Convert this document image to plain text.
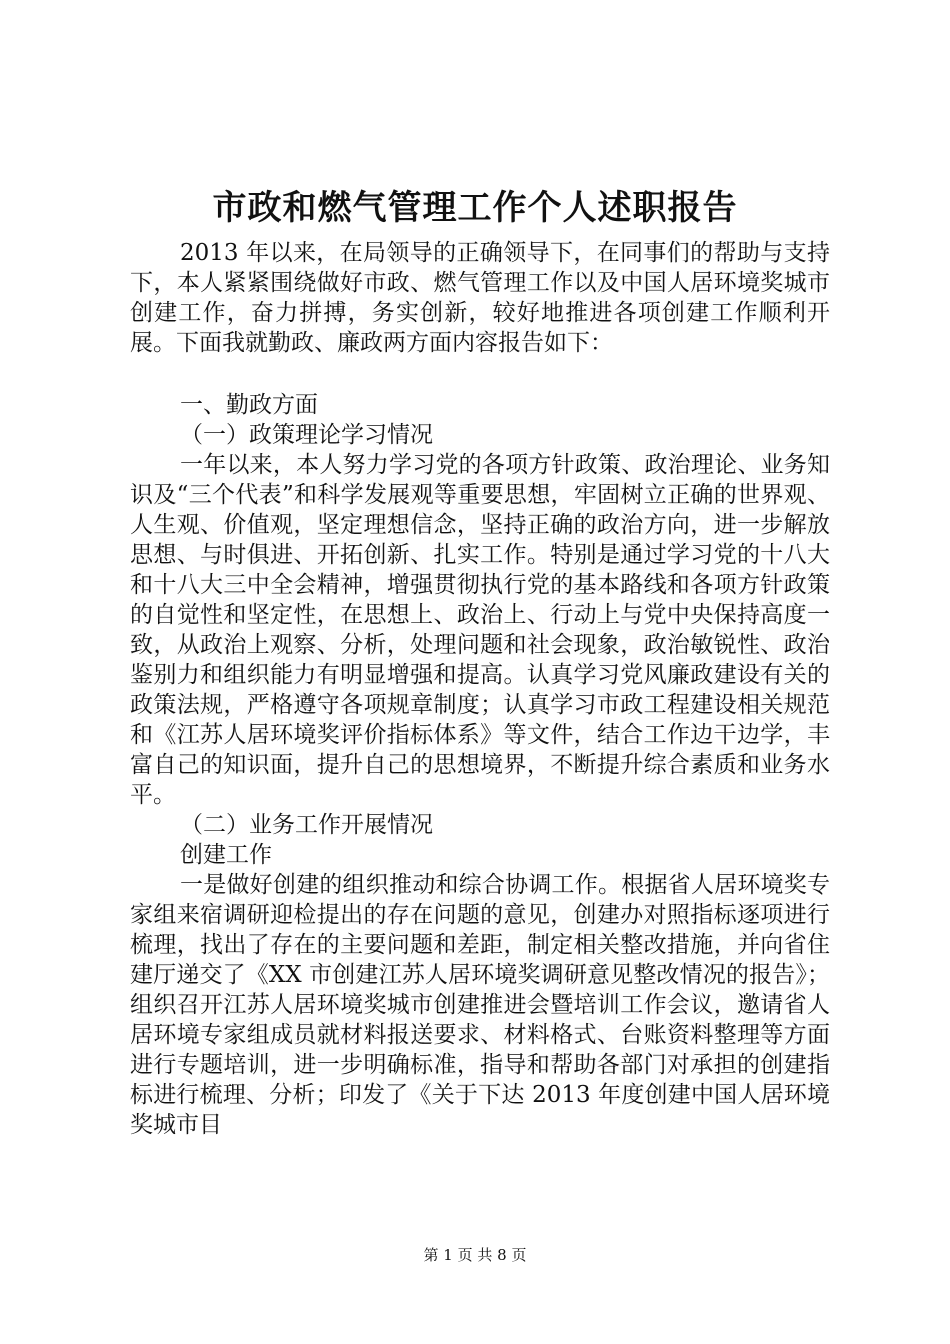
市政和燃气管理工作个人述职报告

2013 年以来，在局领导的正确领导下，在同事们的帮助与支持下，本人紧紧围绕做好市政、燃气管理工作以及中国人居环境奖城市创建工作，奋力拼搏，务实创新，较好地推进各项创建工作顺利开展。下面我就勤政、廉政两方面内容报告如下：

一、勤政方面

（一）政策理论学习情况

一年以来，本人努力学习党的各项方针政策、政治理论、业务知识及“三个代表”和科学发展观等重要思想，牢固树立正确的世界观、人生观、价值观，坚定理想信念，坚持正确的政治方向，进一步解放思想、与时俱进、开拓创新、扎实工作。特别是通过学习党的十八大和十八大三中全会精神，增强贯彻执行党的基本路线和各项方针政策的自觉性和坚定性，在思想上、政治上、行动上与党中央保持高度一致，从政治上观察、分析，处理问题和社会现象，政治敏锐性、政治鉴别力和组织能力有明显增强和提高。认真学习党风廉政建设有关的政策法规，严格遵守各项规章制度；认真学习市政工程建设相关规范和《江苏人居环境奖评价指标体系》等文件，结合工作边干边学，丰富自己的知识面，提升自己的思想境界，不断提升综合素质和业务水平。

（二）业务工作开展情况

创建工作

一是做好创建的组织推动和综合协调工作。根据省人居环境奖专家组来宿调研迎检提出的存在问题的意见，创建办对照指标逐项进行梳理，找出了存在的主要问题和差距，制定相关整改措施，并向省住建厅递交了《XX 市创建江苏人居环境奖调研意见整改情况的报告》；组织召开江苏人居环境奖城市创建推进会暨培训工作会议，邀请省人居环境专家组成员就材料报送要求、材料格式、台账资料整理等方面进行专题培训，进一步明确标准，指导和帮助各部门对承担的创建指标进行梳理、分析；印发了《关于下达 2013 年度创建中国人居环境奖城市目

第 1 页 共 8 页
